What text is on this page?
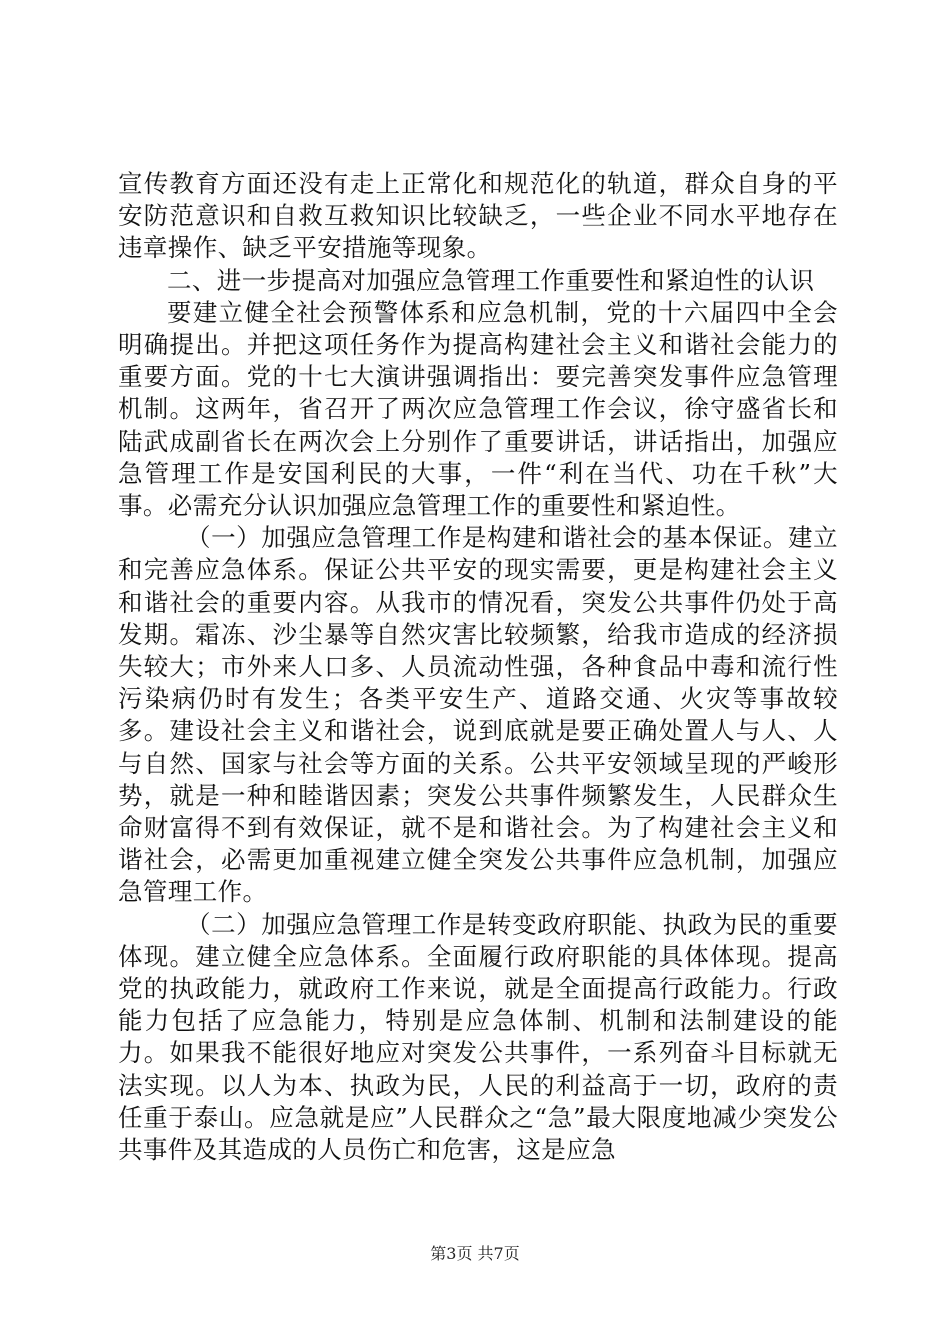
宣传教育方面还没有走上正常化和规范化的轨道，群众自身的平安防范意识和自救互救知识比较缺乏，一些企业不同水平地存在违章操作、缺乏平安措施等现象。

二、进一步提高对加强应急管理工作重要性和紧迫性的认识

要建立健全社会预警体系和应急机制，党的十六届四中全会明确提出。并把这项任务作为提高构建社会主义和谐社会能力的重要方面。党的十七大演讲强调指出：要完善突发事件应急管理机制。这两年，省召开了两次应急管理工作会议，徐守盛省长和陆武成副省长在两次会上分别作了重要讲话，讲话指出，加强应急管理工作是安国利民的大事，一件“利在当代、功在千秋”大事。必需充分认识加强应急管理工作的重要性和紧迫性。

（一）加强应急管理工作是构建和谐社会的基本保证。建立和完善应急体系。保证公共平安的现实需要，更是构建社会主义和谐社会的重要内容。从我市的情况看，突发公共事件仍处于高发期。霜冻、沙尘暴等自然灾害比较频繁，给我市造成的经济损失较大；市外来人口多、人员流动性强，各种食品中毒和流行性污染病仍时有发生；各类平安生产、道路交通、火灾等事故较多。建设社会主义和谐社会，说到底就是要正确处置人与人、人与自然、国家与社会等方面的关系。公共平安领域呈现的严峻形势，就是一种和睦谐因素；突发公共事件频繁发生，人民群众生命财富得不到有效保证，就不是和谐社会。为了构建社会主义和谐社会，必需更加重视建立健全突发公共事件应急机制，加强应急管理工作。

（二）加强应急管理工作是转变政府职能、执政为民的重要体现。建立健全应急体系。全面履行政府职能的具体体现。提高党的执政能力，就政府工作来说，就是全面提高行政能力。行政能力包括了应急能力，特别是应急体制、机制和法制建设的能力。如果我不能很好地应对突发公共事件，一系列奋斗目标就无法实现。以人为本、执政为民，人民的利益高于一切，政府的责任重于泰山。应急就是应”人民群众之“急”最大限度地减少突发公共事件及其造成的人员伤亡和危害，这是应急

第3页 共7页
